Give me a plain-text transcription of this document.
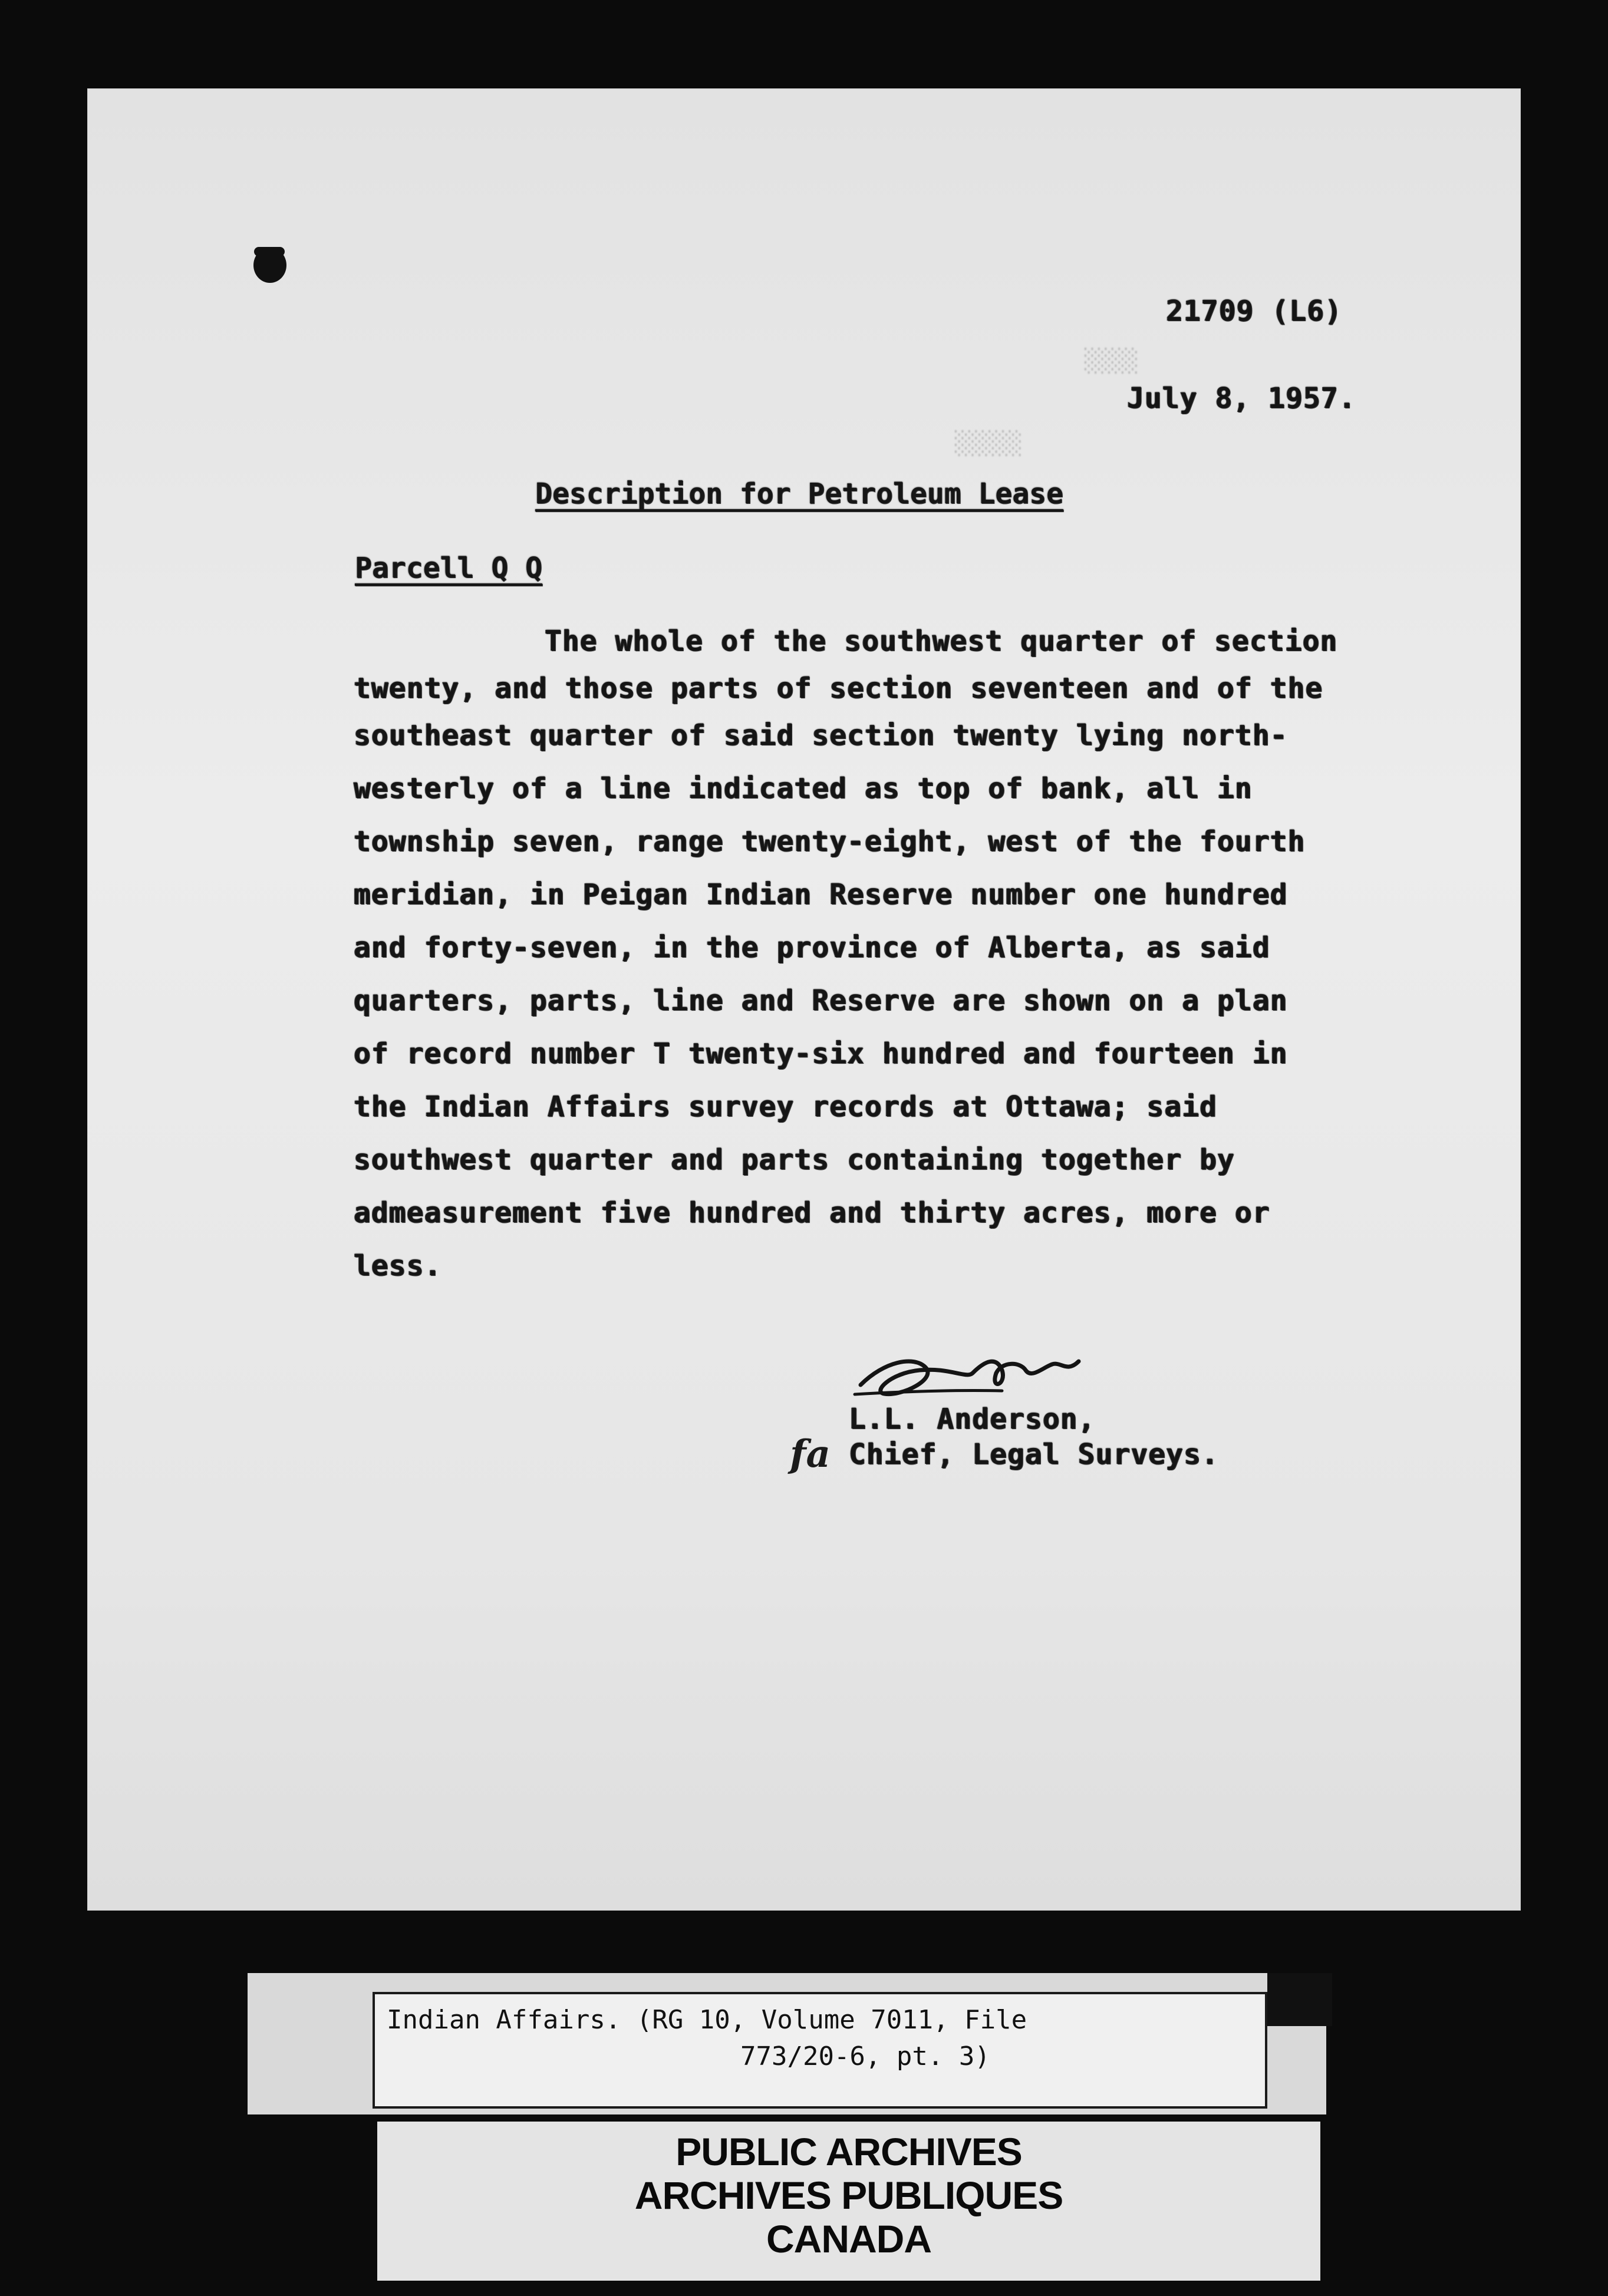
░░░░
░░░░░
21709 (L6)
July 8, 1957.
Description for Petroleum Lease
Parcell Q Q
The whole of the southwest quarter of section
twenty, and those parts of section seventeen and of the
southeast quarter of said section twenty lying north-
westerly of a line indicated as top of bank, all in
township seven, range twenty-eight, west of the fourth
meridian, in Peigan Indian Reserve number one hundred
and forty-seven, in the province of Alberta, as said
quarters, parts, line and Reserve are shown on a plan
of record number T twenty-six hundred and fourteen in
the Indian Affairs survey records at Ottawa; said
southwest quarter and parts containing together by
admeasurement five hundred and thirty acres, more or
less.
fa
L.L. Anderson,
Chief, Legal Surveys.
Indian Affairs. (RG 10, Volume 7011, File
773/20-6, pt. 3)
PUBLIC ARCHIVES
ARCHIVES PUBLIQUES
CANADA
